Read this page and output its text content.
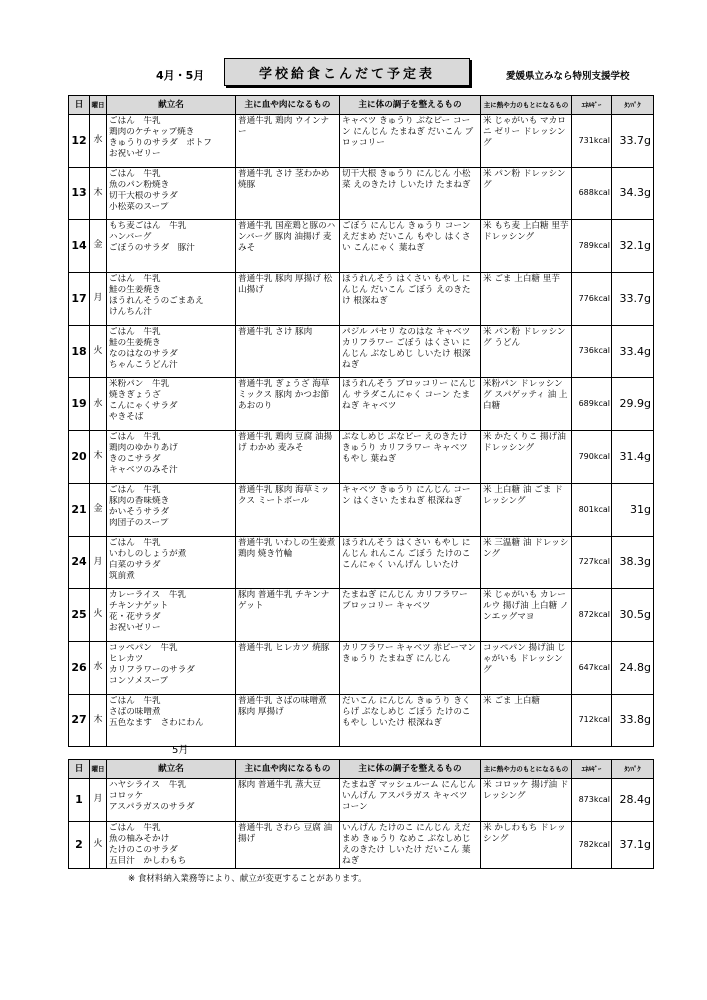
4月・5月	学校給食こんだて予定表	愛媛県立みなら特別支援学校
日	曜日	献立名	主に血や肉になるもの	主に体の調子を整えるもの	主に熱や力のもとになるもの	ｴﾈﾙｷﾞｰ	ﾀﾝﾊﾟｸ
12	水	ごはん　牛乳
鶏肉のケチャップ焼き
きゅうりのサラダ　ポトフ
お祝いゼリー	普通牛乳 鶏肉 ウインナー	キャベツ きゅうり ぶなピー コーン にんじん たまねぎ だいこん ブロッコリー	米 じゃがいも マカロニ ゼリー ドレッシング	731kcal	33.7g
13	木	ごはん　牛乳
魚のパン粉焼き
切干大根のサラダ
小松菜のスープ	普通牛乳 さけ 茎わかめ 焼豚	切干大根 きゅうり にんじん 小松菜 えのきたけ しいたけ たまねぎ	米 パン粉 ドレッシング	688kcal	34.3g
14	金	もち麦ごはん　牛乳
ハンバーグ
ごぼうのサラダ　豚汁	普通牛乳 国産鶏と豚のハンバーグ 豚肉 油揚げ 麦みそ	ごぼう にんじん きゅうり コーン えだまめ だいこん もやし はくさい こんにゃく 葉ねぎ	米 もち麦 上白糖 里芋 ドレッシング	789kcal	32.1g
17	月	ごはん　牛乳
鮭の生姜焼き
ほうれんそうのごまあえ
けんちん汁	普通牛乳 豚肉 厚揚げ 松山揚げ	ほうれんそう はくさい もやし にんじん だいこん ごぼう えのきたけ 根深ねぎ	米 ごま 上白糖 里芋	776kcal	33.7g
18	火	ごはん　牛乳
鮭の生姜焼き
なのはなのサラダ
ちゃんこうどん汁	普通牛乳 さけ 豚肉	パジル パセリ なのはな キャベツ カリフラワー ごぼう はくさい にんじん ぶなしめじ しいたけ 根深ねぎ	米 パン粉 ドレッシング うどん	736kcal	33.4g
19	水	米粉パン　牛乳
焼きぎょうざ
こんにゃくサラダ
やきそば	普通牛乳 ぎょうざ 海草ミックス 豚肉 かつお節 あおのり	ほうれんそう ブロッコリー にんじん サラダこんにゃく コーン たまねぎ キャベツ	米粉パン ドレッシング スパゲッティ 油 上白糖	689kcal	29.9g
20	木	ごはん　牛乳
鶏肉のゆかりあげ
きのこサラダ
キャベツのみそ汁	普通牛乳 鶏肉 豆腐 油揚げ わかめ 麦みそ	ぶなしめじ ぶなピー えのきたけ きゅうり カリフラワー キャベツ もやし 葉ねぎ	米 かたくりこ 揚げ油 ドレッシング	790kcal	31.4g
21	金	ごはん　牛乳
豚肉の香味焼き
かいそうサラダ
肉団子のスープ	普通牛乳 豚肉 海草ミックス ミートボール	キャベツ きゅうり にんじん コーン はくさい たまねぎ 根深ねぎ	米 上白糖 油 ごま ドレッシング	801kcal	31g
24	月	ごはん　牛乳
いわしのしょうが煮
白菜のサラダ
筑前煮	普通牛乳 いわしの生姜煮 鶏肉 焼き竹輪	ほうれんそう はくさい もやし にんじん れんこん ごぼう たけのこ こんにゃく いんげん しいたけ	米 三温糖 油 ドレッシング	727kcal	38.3g
25	火	カレーライス　牛乳
チキンナゲット
花・花サラダ
お祝いゼリー	豚肉 普通牛乳 チキンナゲット	たまねぎ にんじん カリフラワー ブロッコリー キャベツ	米 じゃがいも カレールウ 揚げ油 上白糖 ノンエッグマヨ	872kcal	30.5g
26	水	コッペパン　牛乳
ヒレカツ
カリフラワーのサラダ
コンソメスープ	普通牛乳 ヒレカツ 焼豚	カリフラワー キャベツ 赤ピーマン きゅうり たまねぎ にんじん	コッペパン 揚げ油 じゃがいも ドレッシング	647kcal	24.8g
27	木	ごはん　牛乳
さばの味噌煮
五色なます　さわにわん	普通牛乳 さばの味噌煮 豚肉 厚揚げ	だいこん にんじん きゅうり きくらげ ぶなしめじ ごぼう たけのこ もやし しいたけ 根深ねぎ	米 ごま 上白糖	712kcal	33.8g
5月
日	曜日	献立名	主に血や肉になるもの	主に体の調子を整えるもの	主に熱や力のもとになるもの	ｴﾈﾙｷﾞｰ	ﾀﾝﾊﾟｸ
1	月	ハヤシライス　牛乳
コロッケ
アスパラガスのサラダ	豚肉 普通牛乳 蒸大豆	たまねぎ マッシュルーム にんじん いんげん アスパラガス キャベツ コーン	米 コロッケ 揚げ油 ドレッシング	873kcal	28.4g
2	火	ごはん　牛乳
魚の柚みそかけ
たけのこのサラダ
五目汁　かしわもち	普通牛乳 さわら 豆腐 油揚げ	いんげん たけのこ にんじん えだまめ きゅうり なめこ ぶなしめじ えのきたけ しいたけ だいこん 葉ねぎ	米 かしわもち ドレッシング	782kcal	37.1g
※ 食材料納入業務等により、献立が変更することがあります。
